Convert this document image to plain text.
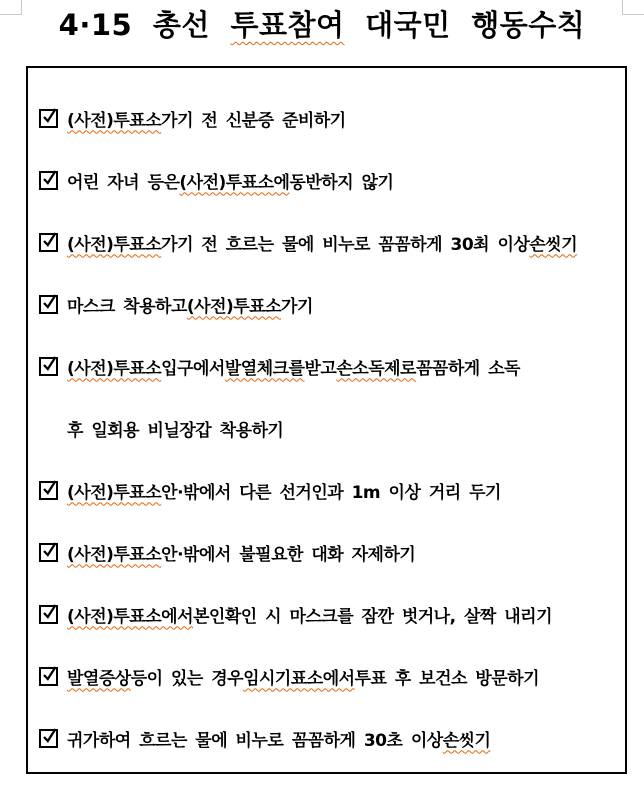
4·15 총선 투표참여 대국민 행동수칙
(사전)투표소 가기 전 신분증 준비하기
어린 자녀 등은 (사전)투표소에 동반하지 않기
(사전)투표소 가기 전 흐르는 물에 비누로 꼼꼼하게 30최 이상 손씻기
마스크 착용하고 (사전)투표소 가기
(사전)투표소 입구에서 발열체크를 받고 손소독제로 꼼꼼하게 소독
후 일회용 비닐장갑 착용하기
(사전)투표소 안·밖에서 다른 선거인과 1m 이상 거리 두기
(사전)투표소 안·밖에서 불필요한 대화 자제하기
(사전)투표소에서 본인확인 시 마스크를 잠깐 벗거나, 살짝 내리기
발열증상 등이 있는 경우 임시기표소에서 투표 후 보건소 방문하기
귀가하여 흐르는 물에 비누로 꼼꼼하게 30초 이상 손씻기
